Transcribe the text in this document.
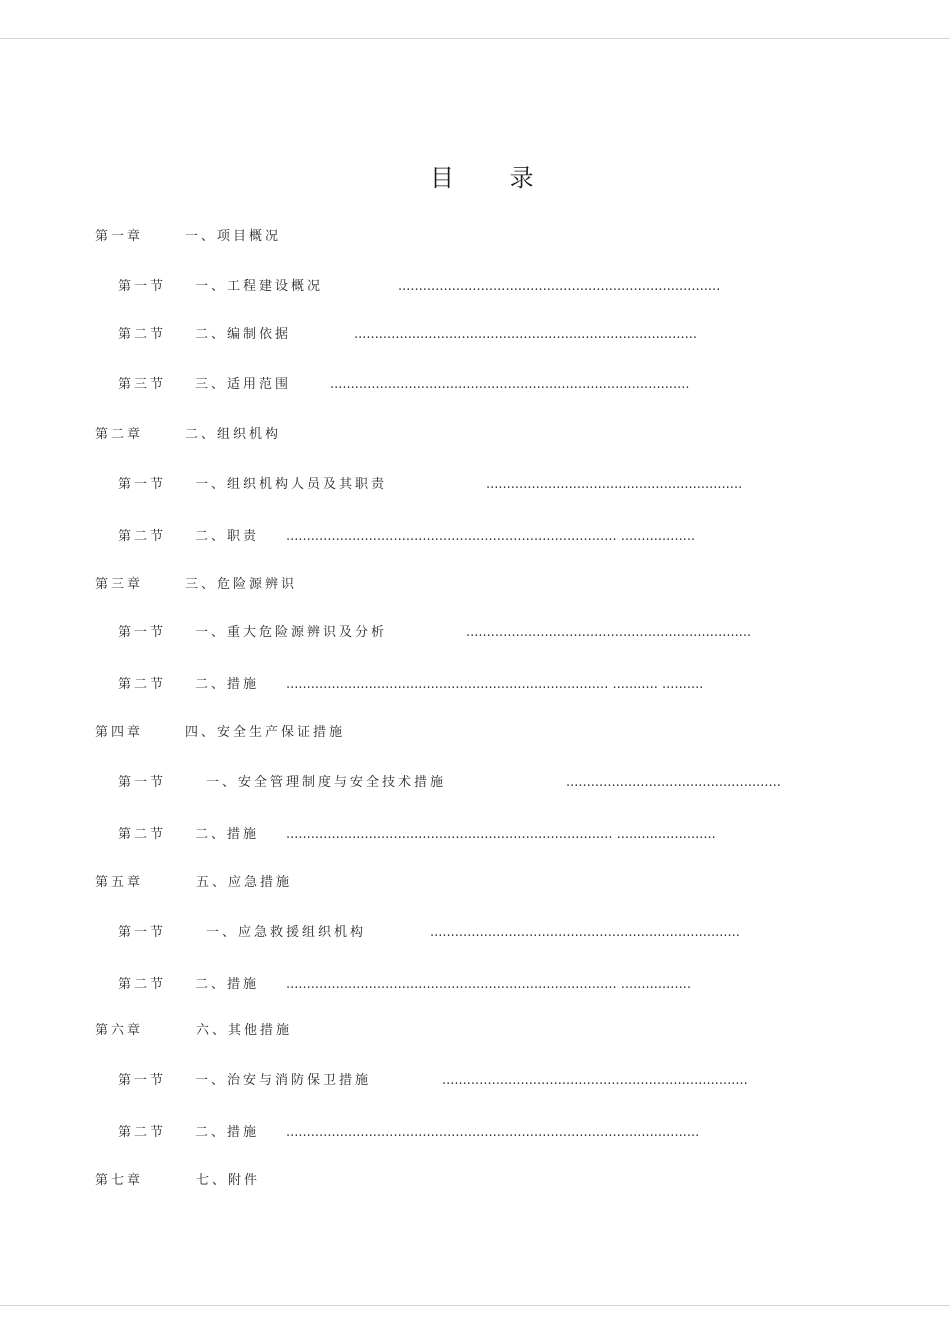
目 录
第一章	一、项目概况
第一节 一、工程建设概况	..............................................................................
第二节 二、编制依据	...................................................................................
第三节 三、适用范围	.......................................................................................
第二章	二、组织机构
第一节 一、组织机构人员及其职责	..............................................................
第二节 二、职责 ................................................................................ ..................
第三章	三、危险源辨识
第一节 一、重大危险源辨识及分析	.....................................................................
第二节 二、措施 .............................................................................. ........... ..........
第四章	四、安全生产保证措施
第一节	一、安全管理制度与安全技术措施	....................................................
第二节 二、措施 ............................................................................... ........................
第五章	五、应急措施
第一节	一、应急救援组织机构	...........................................................................
第二节 二、措施 ................................................................................ .................
第六章	六、其他措施
第一节 一、治安与消防保卫措施	..........................................................................
第二节 二、措施 ....................................................................................................
第七章	七、附件
